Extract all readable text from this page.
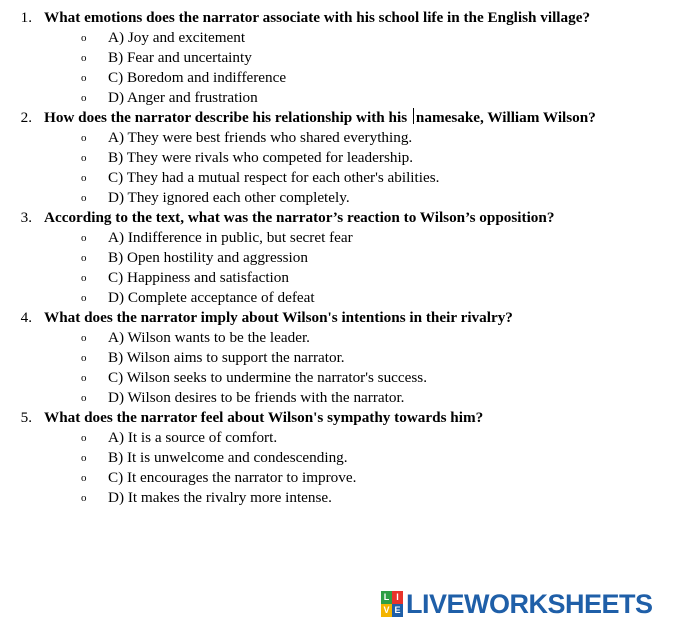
1. What emotions does the narrator associate with his school life in the English village?
o	A) Joy and excitement
o	B) Fear and uncertainty
o	C) Boredom and indifference
o	D) Anger and frustration
2. How does the narrator describe his relationship with his namesake, William Wilson?
o	A) They were best friends who shared everything.
o	B) They were rivals who competed for leadership.
o	C) They had a mutual respect for each other's abilities.
o	D) They ignored each other completely.
3. According to the text, what was the narrator’s reaction to Wilson’s opposition?
o	A) Indifference in public, but secret fear
o	B) Open hostility and aggression
o	C) Happiness and satisfaction
o	D) Complete acceptance of defeat
4. What does the narrator imply about Wilson's intentions in their rivalry?
o	A) Wilson wants to be the leader.
o	B) Wilson aims to support the narrator.
o	C) Wilson seeks to undermine the narrator's success.
o	D) Wilson desires to be friends with the narrator.
5. What does the narrator feel about Wilson's sympathy towards him?
o	A) It is a source of comfort.
o	B) It is unwelcome and condescending.
o	C) It encourages the narrator to improve.
o	D) It makes the rivalry more intense.
L I
V E LIVEWORKSHEETS
